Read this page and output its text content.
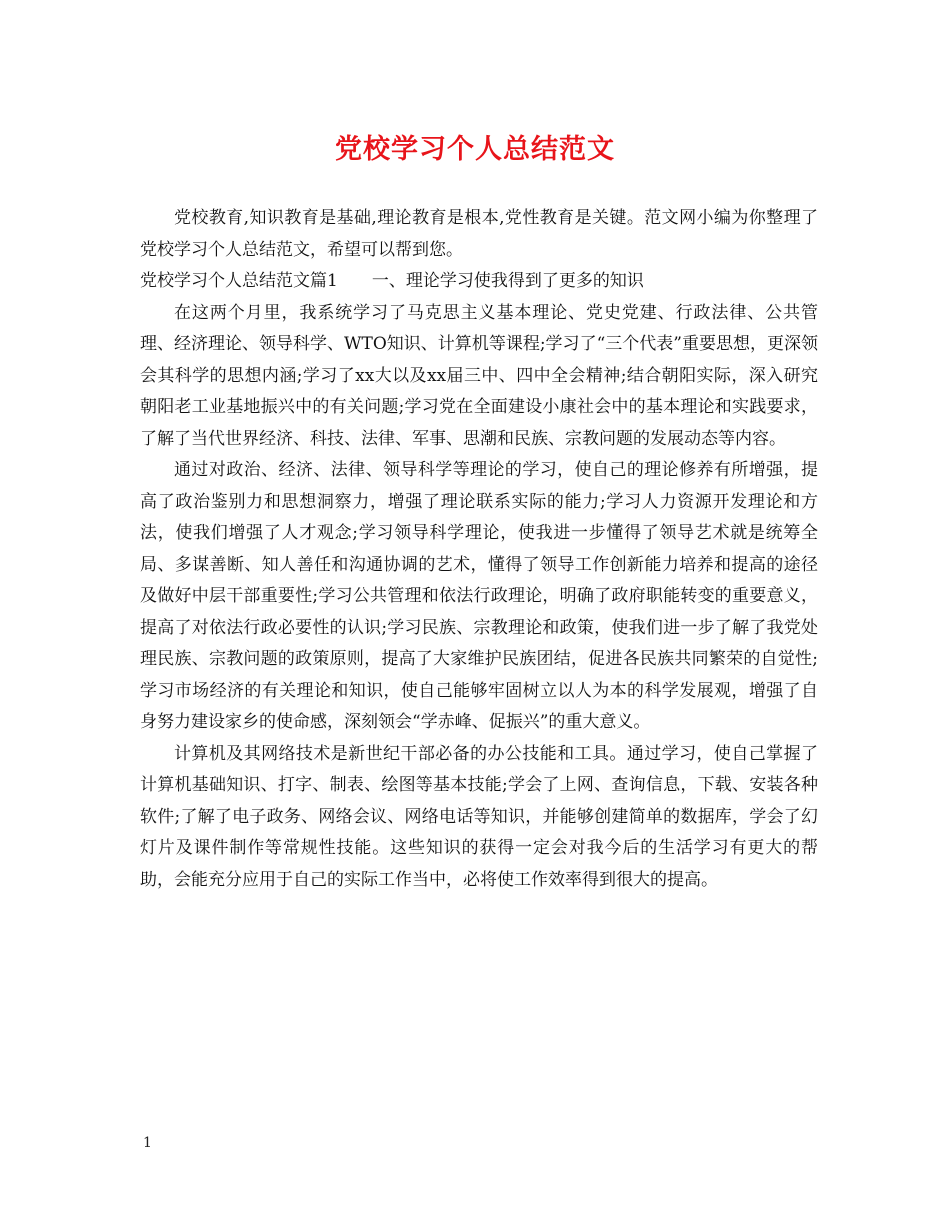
党校学习个人总结范文

党校教育,知识教育是基础,理论教育是根本,党性教育是关键。范文网小编为你整理了党校学习个人总结范文，希望可以帮到您。

党校学习个人总结范文篇1　　一、理论学习使我得到了更多的知识

在这两个月里，我系统学习了马克思主义基本理论、党史党建、行政法律、公共管理、经济理论、领导科学、WTO知识、计算机等课程;学习了“三个代表”重要思想，更深领会其科学的思想内涵;学习了xx大以及xx届三中、四中全会精神;结合朝阳实际，深入研究朝阳老工业基地振兴中的有关问题;学习党在全面建设小康社会中的基本理论和实践要求，了解了当代世界经济、科技、法律、军事、思潮和民族、宗教问题的发展动态等内容。

通过对政治、经济、法律、领导科学等理论的学习，使自己的理论修养有所增强，提高了政治鉴别力和思想洞察力，增强了理论联系实际的能力;学习人力资源开发理论和方法，使我们增强了人才观念;学习领导科学理论，使我进一步懂得了领导艺术就是统筹全局、多谋善断、知人善任和沟通协调的艺术，懂得了领导工作创新能力培养和提高的途径及做好中层干部重要性;学习公共管理和依法行政理论，明确了政府职能转变的重要意义，提高了对依法行政必要性的认识;学习民族、宗教理论和政策，使我们进一步了解了我党处理民族、宗教问题的政策原则，提高了大家维护民族团结，促进各民族共同繁荣的自觉性;学习市场经济的有关理论和知识，使自己能够牢固树立以人为本的科学发展观，增强了自身努力建设家乡的使命感，深刻领会“学赤峰、促振兴”的重大意义。

计算机及其网络技术是新世纪干部必备的办公技能和工具。通过学习，使自己掌握了计算机基础知识、打字、制表、绘图等基本技能;学会了上网、查询信息，下载、安装各种软件;了解了电子政务、网络会议、网络电话等知识，并能够创建简单的数据库，学会了幻灯片及课件制作等常规性技能。这些知识的获得一定会对我今后的生活学习有更大的帮助，会能充分应用于自己的实际工作当中，必将使工作效率得到很大的提高。

1
